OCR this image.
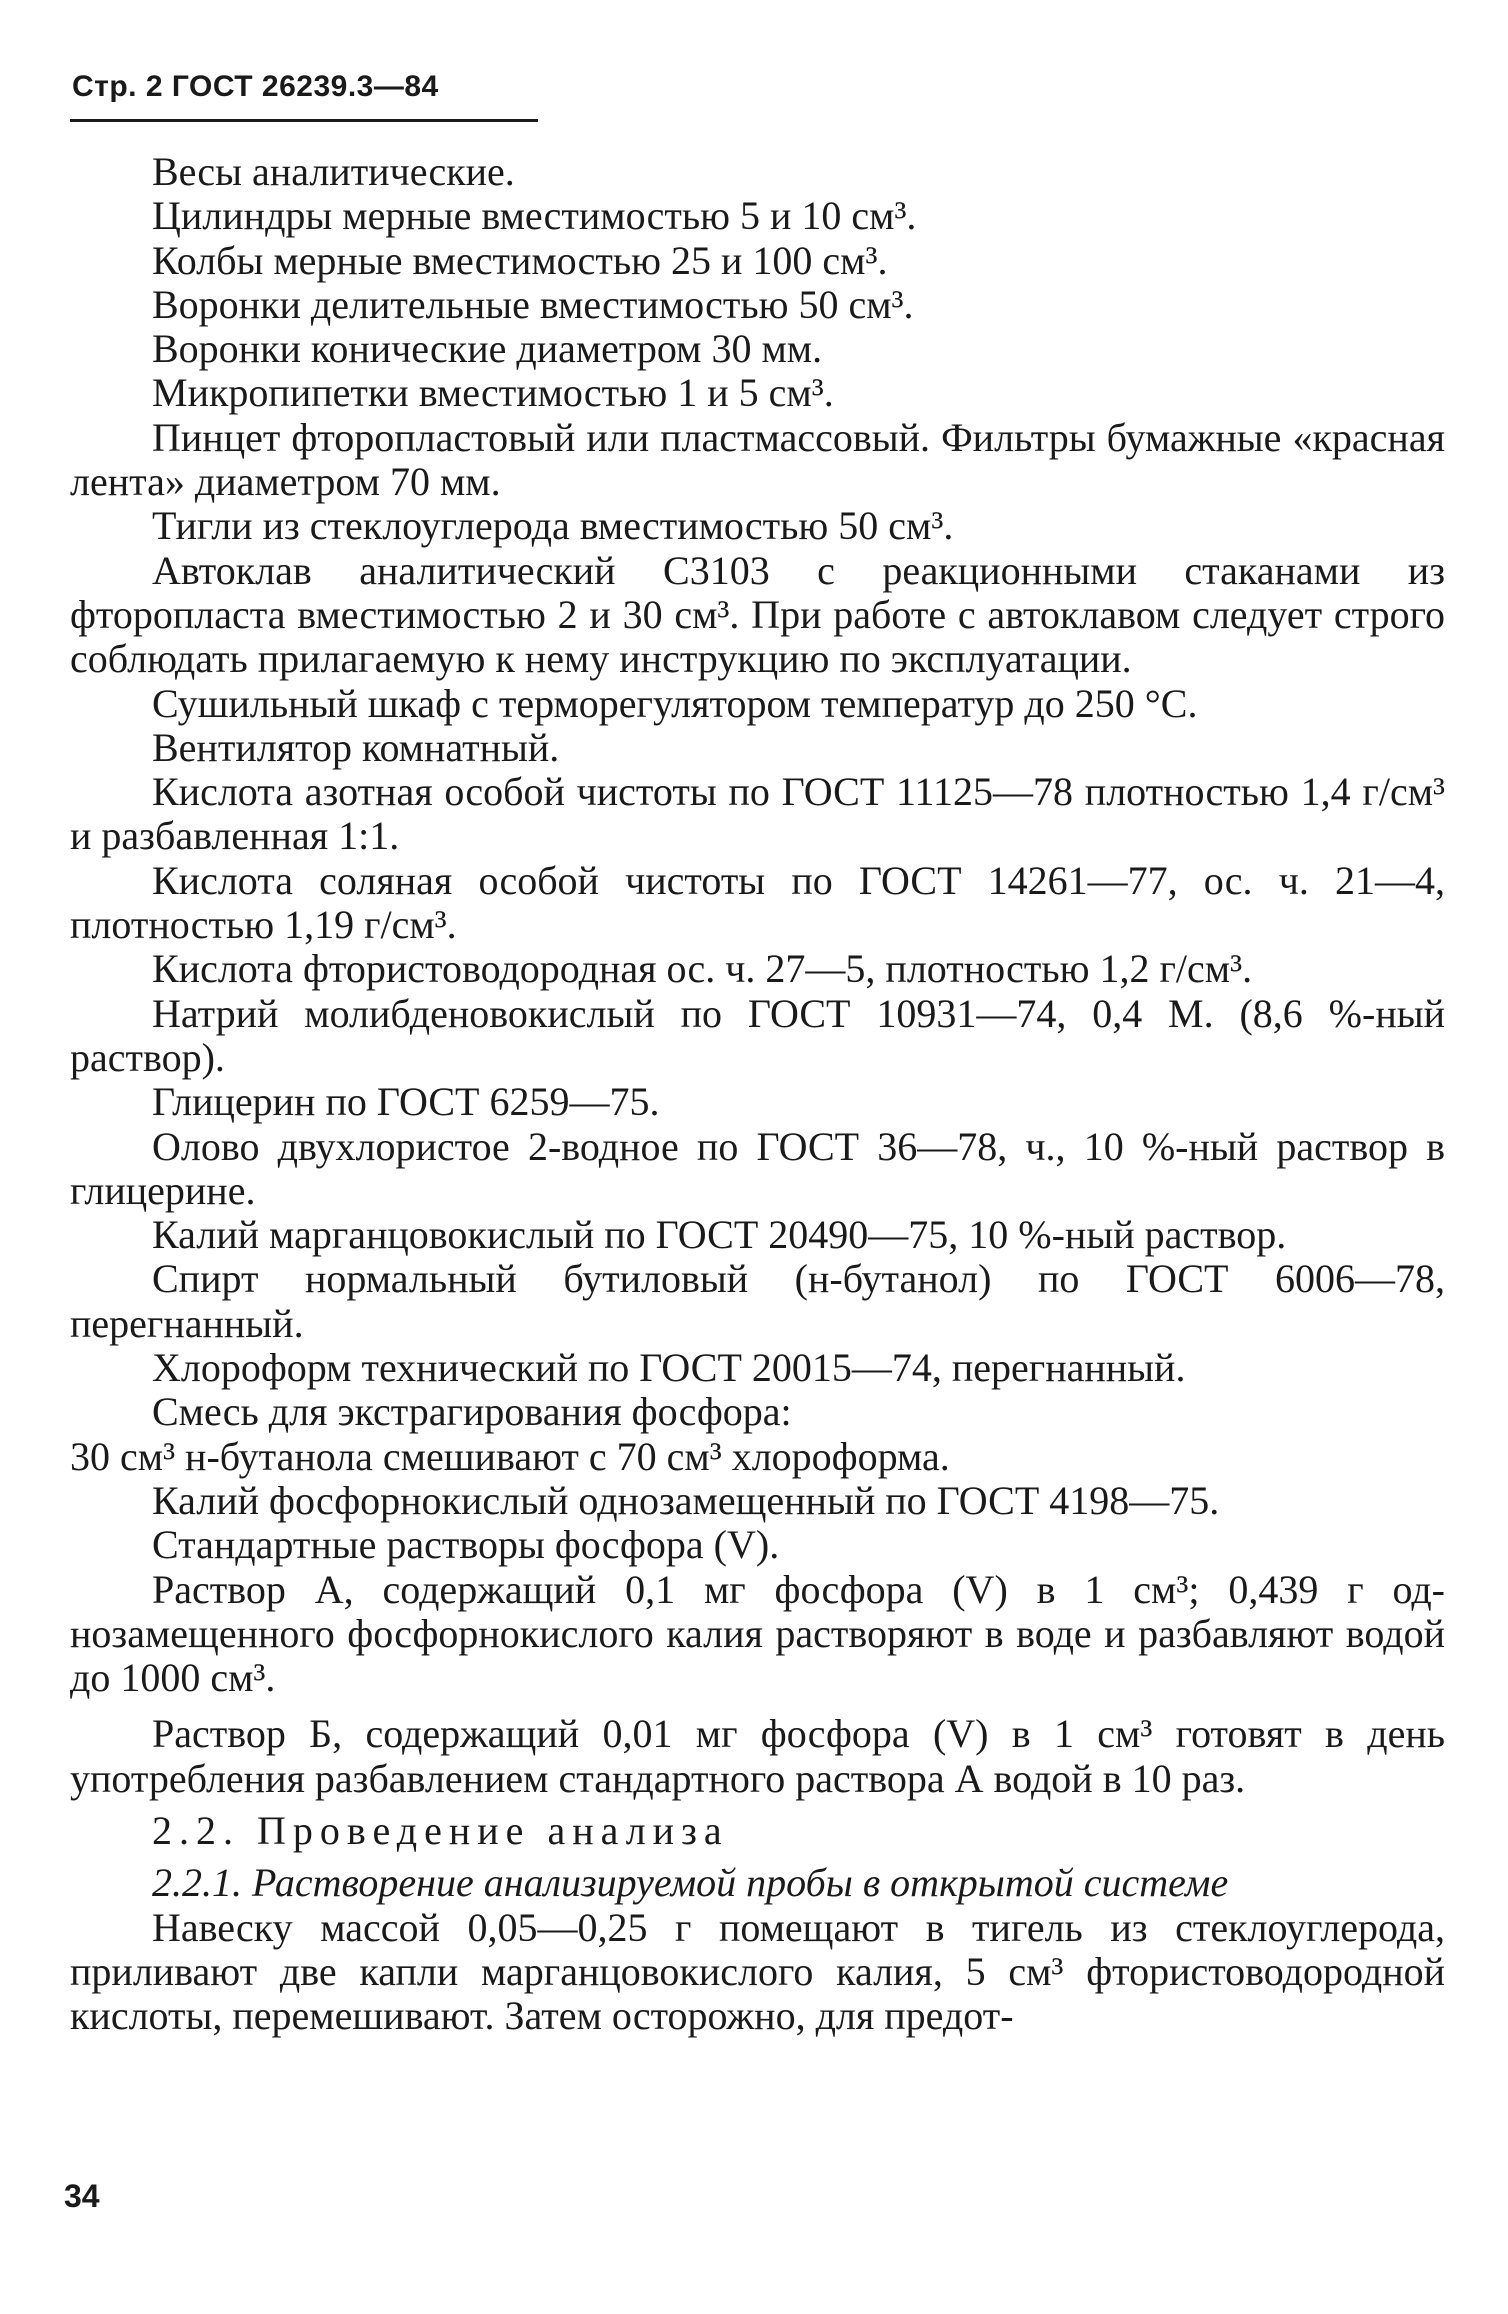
Стр. 2 ГОСТ 26239.3—84

Весы аналитические.

Цилиндры мерные вместимостью 5 и 10 см³.

Колбы мерные вместимостью 25 и 100 см³.

Воронки делительные вместимостью 50 см³.

Воронки конические диаметром 30 мм.

Микропипетки вместимостью 1 и 5 см³.

Пинцет фторопластовый или пластмассовый. Фильтры бумажные «красная лента» диаметром 70 мм.

Тигли из стеклоуглерода вместимостью 50 см³.

Автоклав аналитический С3103 с реакционными стаканами из фторопласта вместимостью 2 и 30 см³. При работе с автоклавом следует строго соблюдать прилагаемую к нему инструкцию по эксплуатации.

Сушильный шкаф с терморегулятором температур до 250 °С.

Вентилятор комнатный.

Кислота азотная особой чистоты по ГОСТ 11125—78 плотностью 1,4 г/см³ и разбавленная 1:1.

Кислота соляная особой чистоты по ГОСТ 14261—77, ос. ч. 21—4, плотностью 1,19 г/см³.

Кислота фтористоводородная ос. ч. 27—5, плотностью 1,2 г/см³.

Натрий молибденовокислый по ГОСТ 10931—74, 0,4 М. (8,6 %-ный раствор).

Глицерин по ГОСТ 6259—75.

Олово двухлористое 2-водное по ГОСТ 36—78, ч., 10 %-ный раствор в глицерине.

Калий марганцовокислый по ГОСТ 20490—75, 10 %-ный раствор.

Спирт нормальный бутиловый (н-бутанол) по ГОСТ 6006—78, перегнанный.

Хлороформ технический по ГОСТ 20015—74, перегнанный.

Смесь для экстрагирования фосфора:

30 см³ н-бутанола смешивают с 70 см³ хлороформа.

Калий фосфорнокислый однозамещенный по ГОСТ 4198—75.

Стандартные растворы фосфора (V).

Раствор А, содержащий 0,1 мг фосфора (V) в 1 см³; 0,439 г однозамещенного фосфорнокислого калия растворяют в воде и разбавляют водой до 1000 см³.

Раствор Б, содержащий 0,01 мг фосфора (V) в 1 см³ готовят в день употребления разбавлением стандартного раствора А водой в 10 раз.

2.2. Проведение анализа

2.2.1. Растворение анализируемой пробы в открытой системе

Навеску массой 0,05—0,25 г помещают в тигель из стеклоуглерода, приливают две капли марганцовокислого калия, 5 см³ фтористоводородной кислоты, перемешивают. Затем осторожно, для предот-

34
